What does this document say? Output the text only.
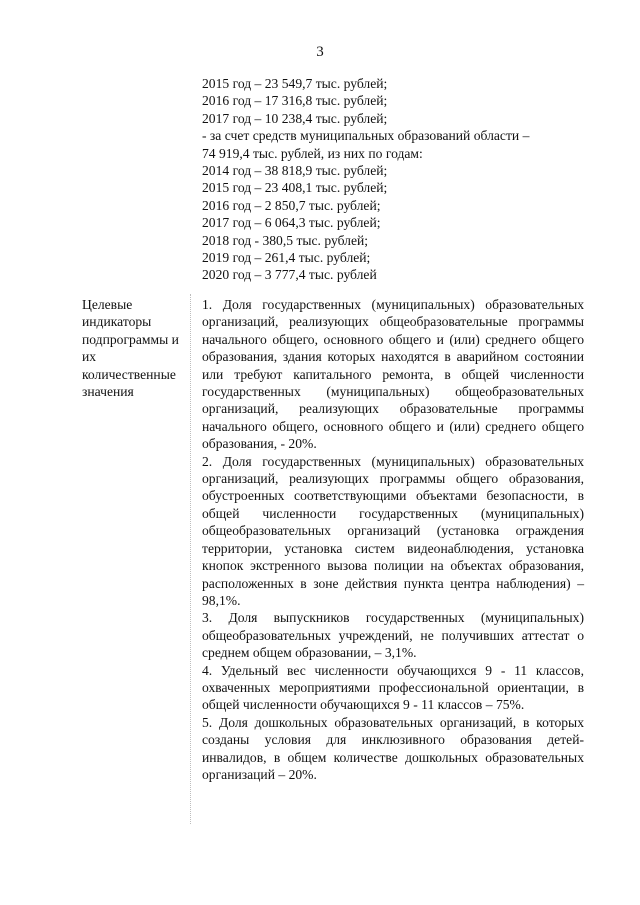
3
2015 год – 23 549,7 тыс. рублей;
2016 год – 17 316,8 тыс. рублей;
2017 год – 10 238,4 тыс. рублей;
- за счет средств муниципальных образований области –
74 919,4 тыс. рублей, из них по годам:
2014 год – 38 818,9 тыс. рублей;
2015 год – 23 408,1 тыс. рублей;
2016 год – 2 850,7 тыс. рублей;
2017 год – 6 064,3 тыс. рублей;
2018 год - 380,5 тыс. рублей;
2019 год – 261,4 тыс. рублей;
2020 год – 3 777,4 тыс. рублей
Целевые
индикаторы
подпрограммы и
их
количественные
значения
1. Доля государственных (муниципальных) образовательных организаций, реализующих общеобразовательные программы начального общего, основного общего и (или) среднего общего образования, здания которых находятся в аварийном состоянии или требуют капитального ремонта, в общей численности государственных (муниципальных) общеобразовательных организаций, реализующих образовательные программы начального общего, основного общего и (или) среднего общего образования, - 20%.
2. Доля государственных (муниципальных) образовательных организаций, реализующих программы общего образования, обустроенных соответствующими объектами безопасности, в общей численности государственных (муниципальных) общеобразовательных организаций (установка ограждения территории, установка систем видеонаблюдения, установка кнопок экстренного вызова полиции на объектах образования, расположенных в зоне действия пункта центра наблюдения) – 98,1%.
3. Доля выпускников государственных (муниципальных) общеобразовательных учреждений, не получивших аттестат о среднем общем образовании, – 3,1%.
4. Удельный вес численности обучающихся 9 - 11 классов, охваченных мероприятиями профессиональной ориентации, в общей численности обучающихся 9 - 11 классов – 75%.
5. Доля дошкольных образовательных организаций, в которых созданы условия для инклюзивного образования детей-инвалидов, в общем количестве дошкольных образовательных организаций – 20%.
